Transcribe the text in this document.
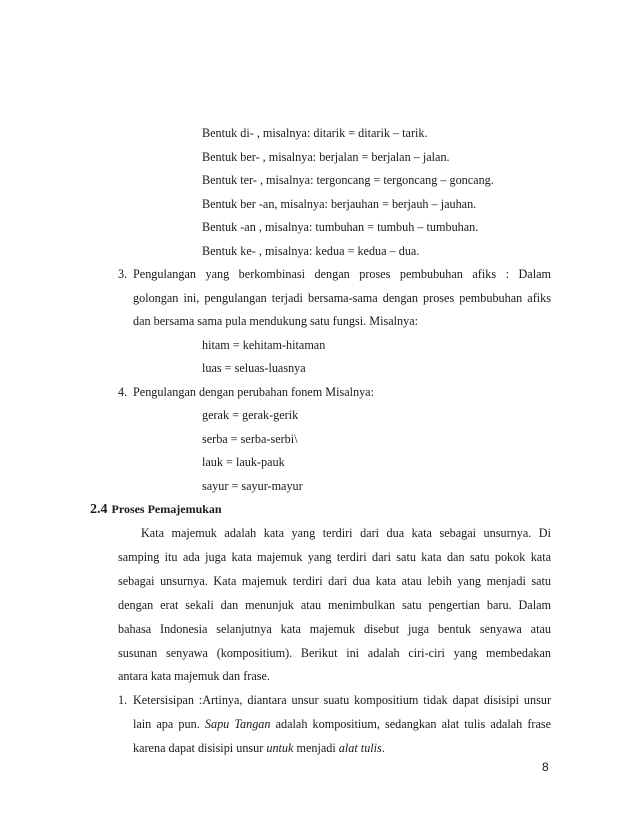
Bentuk di- , misalnya: ditarik = ditarik – tarik.
Bentuk ber- , misalnya: berjalan = berjalan – jalan.
Bentuk ter- , misalnya: tergoncang = tergoncang – goncang.
Bentuk ber -an, misalnya: berjauhan = berjauh – jauhan.
Bentuk -an , misalnya: tumbuhan = tumbuh – tumbuhan.
Bentuk ke- , misalnya: kedua = kedua – dua.
3. Pengulangan yang berkombinasi dengan proses pembubuhan afiks : Dalam
golongan ini, pengulangan terjadi bersama-sama dengan proses pembubuhan afiks
dan bersama sama pula mendukung satu fungsi. Misalnya:
hitam = kehitam-hitaman
luas = seluas-luasnya
4. Pengulangan dengan perubahan fonem Misalnya:
gerak = gerak-gerik
serba = serba-serbi\
lauk = lauk-pauk
sayur = sayur-mayur
2.4 Proses Pemajemukan
Kata majemuk adalah kata yang terdiri dari dua kata sebagai unsurnya. Di
samping itu ada juga kata majemuk yang terdiri dari satu kata dan satu pokok kata
sebagai unsurnya. Kata majemuk terdiri dari dua kata atau lebih yang menjadi satu
dengan erat sekali dan menunjuk atau menimbulkan satu pengertian baru. Dalam
bahasa Indonesia selanjutnya kata majemuk disebut juga bentuk senyawa atau
susunan senyawa (kompositium). Berikut ini adalah ciri-ciri yang membedakan
antara kata majemuk dan frase.
1. Ketersisipan :Artinya, diantara unsur suatu kompositium tidak dapat disisipi unsur
lain apa pun. Sapu Tangan adalah kompositium, sedangkan alat tulis adalah frase
karena dapat disisipi unsur untuk menjadi alat tulis.
8
